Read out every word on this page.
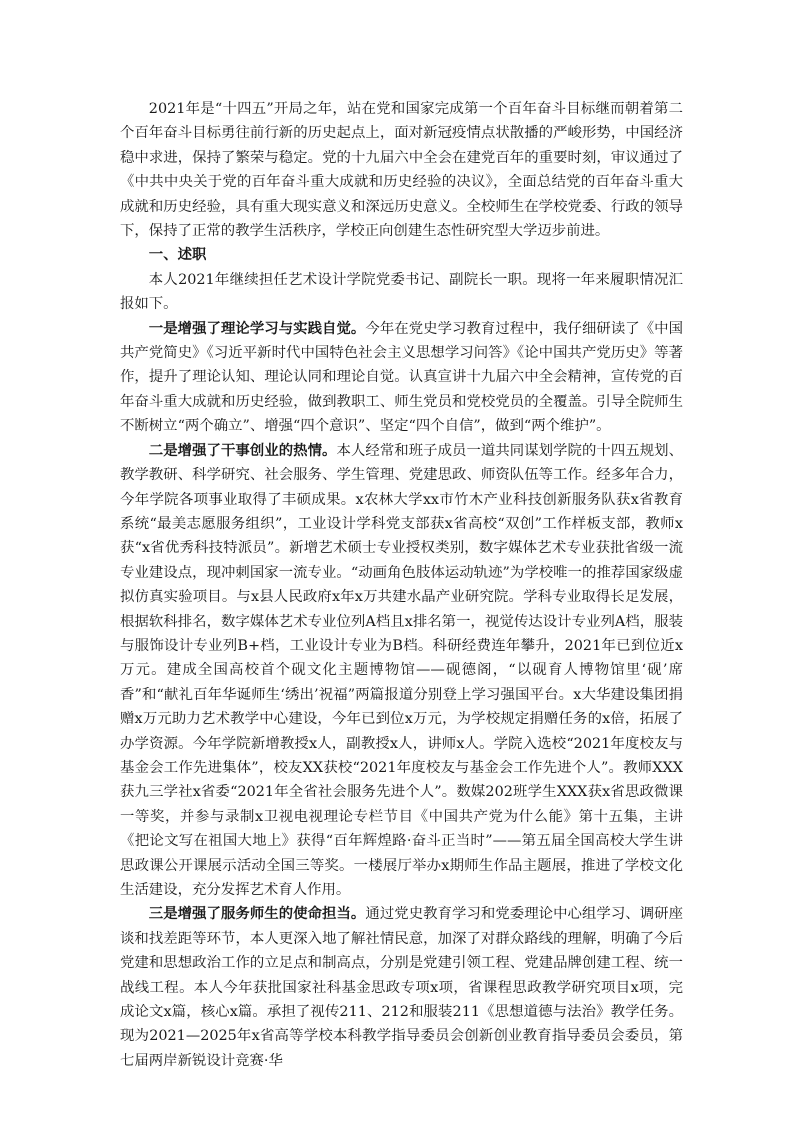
2021年是“十四五”开局之年，站在党和国家完成第一个百年奋斗目标继而朝着第二个百年奋斗目标勇往前行新的历史起点上，面对新冠疫情点状散播的严峻形势，中国经济稳中求进，保持了繁荣与稳定。党的十九届六中全会在建党百年的重要时刻，审议通过了《中共中央关于党的百年奋斗重大成就和历史经验的决议》，全面总结党的百年奋斗重大成就和历史经验，具有重大现实意义和深远历史意义。全校师生在学校党委、行政的领导下，保持了正常的教学生活秩序，学校正向创建生态性研究型大学迈步前进。

一、述职

本人2021年继续担任艺术设计学院党委书记、副院长一职。现将一年来履职情况汇报如下。

一是增强了理论学习与实践自觉。今年在党史学习教育过程中，我仔细研读了《中国共产党简史》《习近平新时代中国特色社会主义思想学习问答》《论中国共产党历史》等著作，提升了理论认知、理论认同和理论自觉。认真宣讲十九届六中全会精神，宣传党的百年奋斗重大成就和历史经验，做到教职工、师生党员和党校党员的全覆盖。引导全院师生不断树立“两个确立”、增强“四个意识”、坚定“四个自信”，做到“两个维护”。

二是增强了干事创业的热情。本人经常和班子成员一道共同谋划学院的十四五规划、教学教研、科学研究、社会服务、学生管理、党建思政、师资队伍等工作。经多年合力，今年学院各项事业取得了丰硕成果。x农林大学xx市竹木产业科技创新服务队获x省教育系统“最美志愿服务组织”，工业设计学科党支部获x省高校“双创”工作样板支部，教师x获“x省优秀科技特派员”。新增艺术硕士专业授权类别，数字媒体艺术专业获批省级一流专业建设点，现冲刺国家一流专业。“动画角色肢体运动轨迹”为学校唯一的推荐国家级虚拟仿真实验项目。与x县人民政府x年x万共建水晶产业研究院。学科专业取得长足发展，根据软科排名，数字媒体艺术专业位列A档且x排名第一，视觉传达设计专业列A档，服装与服饰设计专业列B+档，工业设计专业为B档。科研经费连年攀升，2021年已到位近x万元。建成全国高校首个砚文化主题博物馆——砚德阁，“以砚育人博物馆里‘砚’席香”和“献礼百年华诞师生‘绣出’祝福”两篇报道分别登上学习强国平台。x大华建设集团捐赠x万元助力艺术教学中心建设，今年已到位x万元，为学校规定捐赠任务的x倍，拓展了办学资源。今年学院新增教授x人，副教授x人，讲师x人。学院入选校“2021年度校友与基金会工作先进集体”，校友XX获校“2021年度校友与基金会工作先进个人”。教师XXX获九三学社x省委“2021年全省社会服务先进个人”。数媒202班学生XXX获x省思政微课一等奖，并参与录制x卫视电视理论专栏节目《中国共产党为什么能》第十五集，主讲《把论文写在祖国大地上》获得“百年辉煌路·奋斗正当时”——第五届全国高校大学生讲思政课公开课展示活动全国三等奖。一楼展厅举办x期师生作品主题展，推进了学校文化生活建设，充分发挥艺术育人作用。

三是增强了服务师生的使命担当。通过党史教育学习和党委理论中心组学习、调研座谈和找差距等环节，本人更深入地了解社情民意，加深了对群众路线的理解，明确了今后党建和思想政治工作的立足点和制高点，分别是党建引领工程、党建品牌创建工程、统一战线工程。本人今年获批国家社科基金思政专项x项，省课程思政教学研究项目x项，完成论文x篇，核心x篇。承担了视传211、212和服装211《思想道德与法治》教学任务。现为2021—2025年x省高等学校本科教学指导委员会创新创业教育指导委员会委员，第七届两岸新锐设计竞赛·华
